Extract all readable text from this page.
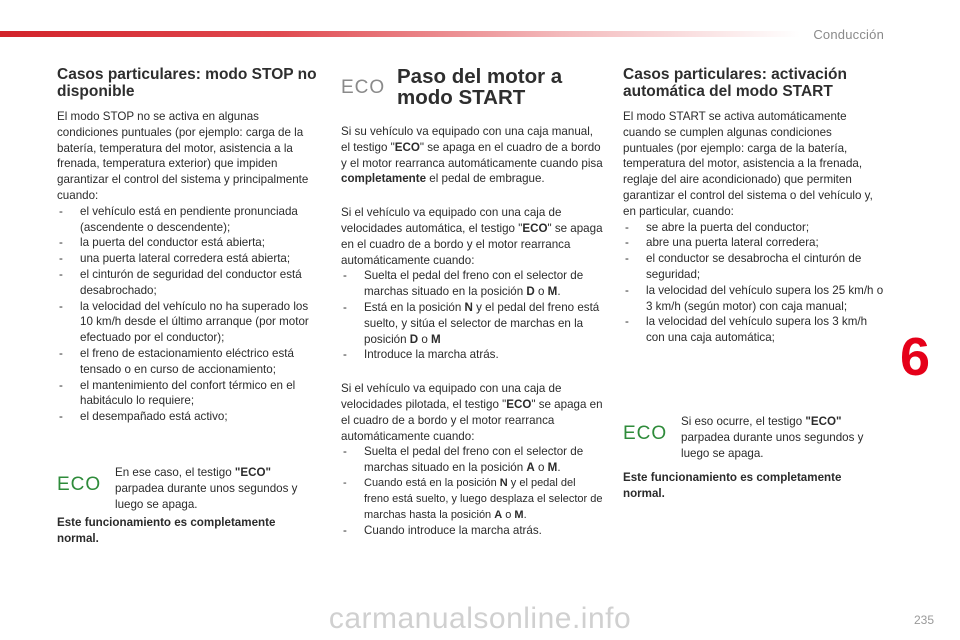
Conducción
Casos particulares: modo STOP no disponible

El modo STOP no se activa en algunas condiciones puntuales (por ejemplo: carga de la batería, temperatura del motor, asistencia a la frenada, temperatura exterior) que impiden garantizar el control del sistema y principalmente cuando:

- el vehículo está en pendiente pronunciada (ascendente o descendente);
- la puerta del conductor está abierta;
- una puerta lateral corredera está abierta;
- el cinturón de seguridad del conductor está desabrochado;
- la velocidad del vehículo no ha superado los 10 km/h desde el último arranque (por motor efectuado por el conductor);
- el freno de estacionamiento eléctrico está tensado o en curso de accionamiento;
- el mantenimiento del confort térmico en el habitáculo lo requiere;
- el desempañado está activo;
ECO

En ese caso, el testigo "ECO" parpadea durante unos segundos y luego se apaga.

Este funcionamiento es completamente normal.
ECO Paso del motor a modo START

Si su vehículo va equipado con una caja manual, el testigo "ECO" se apaga en el cuadro de a bordo y el motor rearranca automáticamente cuando pisa completamente el pedal de embrague.

Si el vehículo va equipado con una caja de velocidades automática, el testigo "ECO" se apaga en el cuadro de a bordo y el motor rearranca automáticamente cuando:

- Suelta el pedal del freno con el selector de marchas situado en la posición D o M.
- Está en la posición N y el pedal del freno está suelto, y sitúa el selector de marchas en la posición D o M
- Introduce la marcha atrás.

Si el vehículo va equipado con una caja de velocidades pilotada, el testigo "ECO" se apaga en el cuadro de a bordo y el motor rearranca automáticamente cuando:

- Suelta el pedal del freno con el selector de marchas situado en la posición A o M.
- Cuando está en la posición N y el pedal del freno está suelto, y luego desplaza el selector de marchas hasta la posición A o M.
- Cuando introduce la marcha atrás.
Casos particulares: activación automática del modo START

El modo START se activa automáticamente cuando se cumplen algunas condiciones puntuales (por ejemplo: carga de la batería, temperatura del motor, asistencia a la frenada, reglaje del aire acondicionado) que permiten garantizar el control del sistema o del vehículo y, en particular, cuando:

- se abre la puerta del conductor;
- abre una puerta lateral corredera;
- el conductor se desabrocha el cinturón de seguridad;
- la velocidad del vehículo supera los 25 km/h o 3 km/h (según motor) con caja manual;
- la velocidad del vehículo supera los 3 km/h con una caja automática;
ECO

Si eso ocurre, el testigo "ECO" parpadea durante unos segundos y luego se apaga.

Este funcionamiento es completamente normal.
6
235
carmanualsonline.info
